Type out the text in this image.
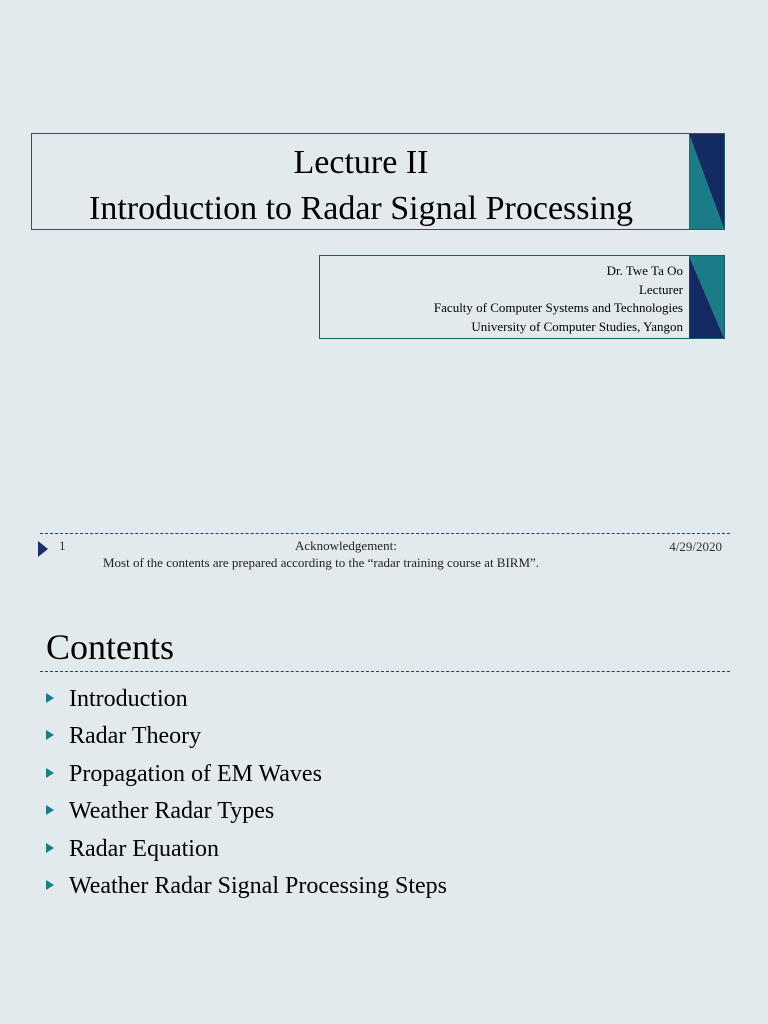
Lecture II
Introduction to Radar Signal Processing
Dr. Twe Ta Oo
Lecturer
Faculty of Computer Systems and Technologies
University of Computer Studies, Yangon
1	Acknowledgement:
Most of the contents are prepared according to the “radar training course at BIRM”.
4/29/2020
Contents
Introduction
Radar Theory
Propagation of EM Waves
Weather Radar Types
Radar Equation
Weather Radar Signal Processing Steps
